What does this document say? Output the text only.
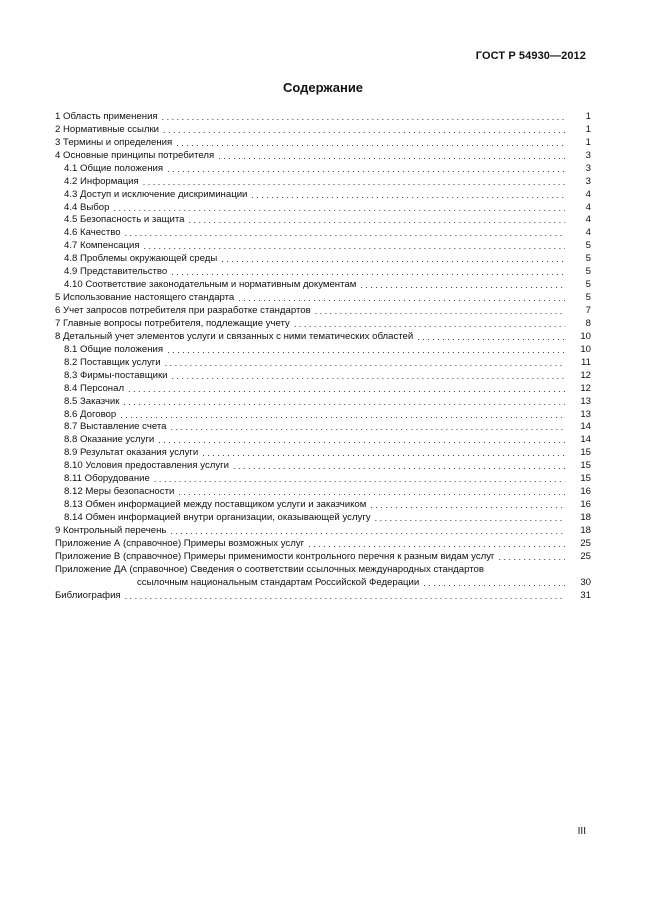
ГОСТ Р 54930—2012
Содержание
1 Область применения . . .	1
2 Нормативные ссылки . . .	1
3 Термины и определения . . .	1
4 Основные принципы потребителя . . .	3
4.1 Общие положения . . .	3
4.2 Информация . . .	3
4.3 Доступ и исключение дискриминации . . .	4
4.4 Выбор . . .	4
4.5 Безопасность и защита . . .	4
4.6 Качество . . .	4
4.7 Компенсация . . .	5
4.8 Проблемы окружающей среды . . .	5
4.9 Представительство . . .	5
4.10 Соответствие законодательным и нормативным документам . . .	5
5 Использование настоящего стандарта . . .	5
6 Учет запросов потребителя при разработке стандартов . . .	7
7 Главные вопросы потребителя, подлежащие учету . . .	8
8 Детальный учет элементов услуги и связанных с ними тематических областей . . .	10
8.1 Общие положения . . .	10
8.2 Поставщик услуги . . .	11
8.3 Фирмы-поставщики . . .	12
8.4 Персонал . . .	12
8.5 Заказчик . . .	13
8.6 Договор . . .	13
8.7 Выставление счета . . .	14
8.8 Оказание услуги . . .	14
8.9 Результат оказания услуги . . .	15
8.10 Условия предоставления услуги . . .	15
8.11 Оборудование . . .	15
8.12 Меры безопасности . . .	16
8.13 Обмен информацией между поставщиком услуги и заказчиком . . .	16
8.14 Обмен информацией внутри организации, оказывающей услугу . . .	18
9 Контрольный перечень . . .	18
Приложение А (справочное) Примеры возможных услуг . . .	25
Приложение В (справочное) Примеры применимости контрольного перечня к разным видам услуг . . .	25
Приложение ДА (справочное) Сведения о соответствии ссылочных международных стандартов
ссылочным национальным стандартам Российской Федерации . . .	30
Библиография . . .	31
III
